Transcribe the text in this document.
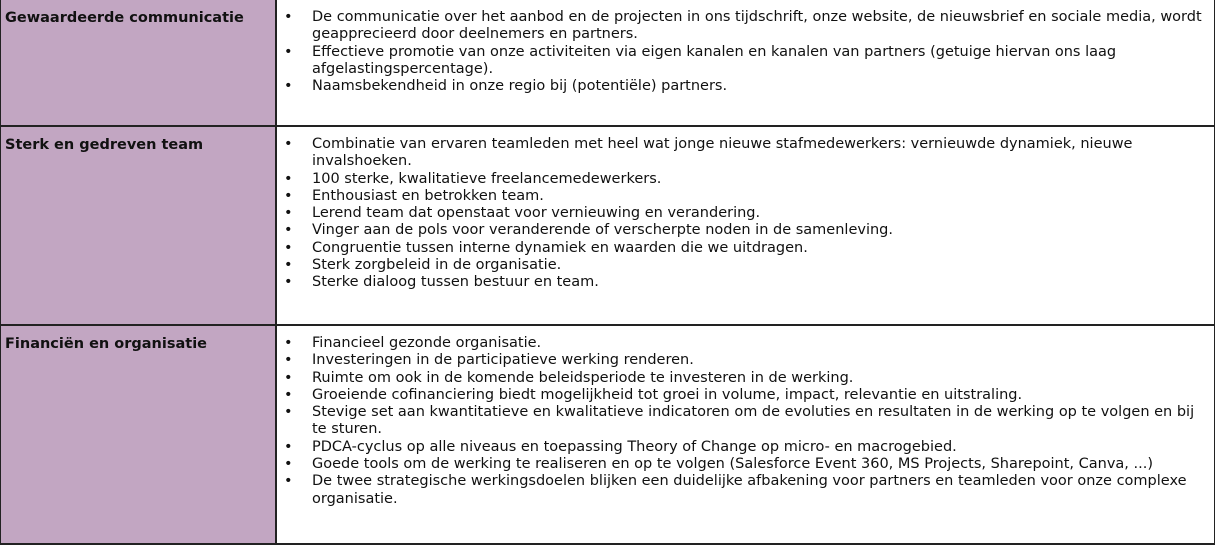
Gewaardeerde communicatie	• De communicatie over het aanbod en de projecten in ons tijdschrift, onze website, de nieuwsbrief en sociale media, wordt geapprecieerd door deelnemers en partners.
• Effectieve promotie van onze activiteiten via eigen kanalen en kanalen van partners (getuige hiervan ons laag afgelastingspercentage).
• Naamsbekendheid in onze regio bij (potentiële) partners.
Sterk en gedreven team	• Combinatie van ervaren teamleden met heel wat jonge nieuwe stafmedewerkers: vernieuwde dynamiek, nieuwe invalshoeken.
• 100 sterke, kwalitatieve freelancemedewerkers.
• Enthousiast en betrokken team.
• Lerend team dat openstaat voor vernieuwing en verandering.
• Vinger aan de pols voor veranderende of verscherpte noden in de samenleving.
• Congruentie tussen interne dynamiek en waarden die we uitdragen.
• Sterk zorgbeleid in de organisatie.
• Sterke dialoog tussen bestuur en team.
Financiën en organisatie	• Financieel gezonde organisatie.
• Investeringen in de participatieve werking renderen.
• Ruimte om ook in de komende beleidsperiode te investeren in de werking.
• Groeiende cofinanciering biedt mogelijkheid tot groei in volume, impact, relevantie en uitstraling.
• Stevige set aan kwantitatieve en kwalitatieve indicatoren om de evoluties en resultaten in de werking op te volgen en bij te sturen.
• PDCA-cyclus op alle niveaus en toepassing Theory of Change op micro- en macrogebied.
• Goede tools om de werking te realiseren en op te volgen (Salesforce Event 360, MS Projects, Sharepoint, Canva, ...)
• De twee strategische werkingsdoelen blijken een duidelijke afbakening voor partners en teamleden voor onze complexe organisatie.
